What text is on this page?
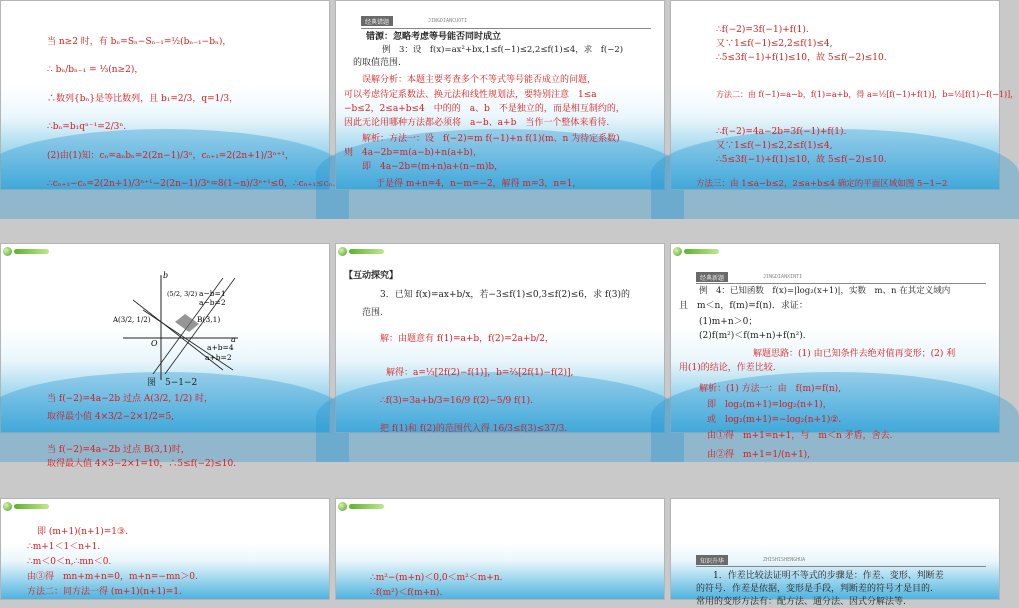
当 n≥2 时，有 bₙ=Sₙ−Sₙ₋₁=½(bₙ₋₁−bₙ)，
∴ bₙ/bₙ₋₁ = ⅓(n≥2)，
∴数列{bₙ}是等比数列，且 b₁=2/3，q=1/3，
∴bₙ=b₁qⁿ⁻¹=2/3ⁿ.
(2)由(1)知：cₙ=aₙbₙ=2(2n−1)/3ⁿ，cₙ₊₁=2(2n+1)/3ⁿ⁺¹，
∴cₙ₊₁−cₙ=2(2n+1)/3ⁿ⁺¹−2(2n−1)/3ⁿ=8(1−n)/3ⁿ⁺¹≤0，∴cₙ₊₁≤cₙ.
经典错题	JINGDIANCUOTI
错源：忽略考虑等号能否同时成立
例　3：设　f(x)=ax²+bx,1≤f(−1)≤2,2≤f(1)≤4，求　f(−2)
的取值范围.
误解分析：本题主要考查多个不等式等号能否成立的问题，
可以考虑待定系数法、换元法和线性规划法，要特别注意　1≤a
−b≤2，2≤a+b≤4　中的的　a、b　不是独立的，而是相互制约的，
因此无论用哪种方法都必须将　a−b、a+b　当作一个整体来看待.
解析：方法一：设　f(−2)=m f(−1)+n f(1)(m、n 为待定系数)
则　4a−2b=m(a−b)+n(a+b)，
即　4a−2b=(m+n)a+(n−m)b，
于是得 m+n=4，n−m=−2，解得 m=3，n=1，
∴f(−2)=3f(−1)+f(1).
又∵1≤f(−1)≤2,2≤f(1)≤4,
∴5≤3f(−1)+f(1)≤10，故 5≤f(−2)≤10.
方法二：由 f(−1)=a−b，f(1)=a+b，得 a=½[f(−1)+f(1)]，b=½[f(1)−f(−1)]，
∴f(−2)=4a−2b=3f(−1)+f(1).
又∵1≤f(−1)≤2,2≤f(1)≤4,
∴5≤3f(−1)+f(1)≤10，故 5≤f(−2)≤10.
方法三：由 1≤a−b≤2，2≤a+b≤4 确定的平面区域如图 5−1−2
b
a−b=1
a−b=2
a+b=4
a+b=2
A(3/2, 1/2)	B(3,1)
(5/2, 3/2)
a
O
图　5−1−2
当 f(−2)=4a−2b 过点 A(3/2, 1/2) 时，
取得最小值 4×3/2−2×1/2=5,
当 f(−2)=4a−2b 过点 B(3,1)时，
取得最大值 4×3−2×1=10，∴5≤f(−2)≤10.
【互动探究】
3．已知 f(x)=ax+b/x，若−3≤f(1)≤0,3≤f(2)≤6，求 f(3)的
范围.
解：由题意有 f(1)=a+b，f(2)=2a+b/2，
解得：a=⅓[2f(2)−f(1)]，b=⅔[2f(1)−f(2)],
∴f(3)=3a+b/3=16/9 f(2)−5/9 f(1).
把 f(1)和 f(2)的范围代入得 16/3≤f(3)≤37/3.
经典新题	JINGDIANXINTI
例　4：已知函数　f(x)=|log₂(x+1)|，实数　m、n 在其定义域内
且　m＜n，f(m)=f(n)．求证：
(1)m+n＞0；
(2)f(m²)＜f(m+n)+f(n²)．
解题思路：(1) 由已知条件去绝对值再变形；(2) 利
用(1)的结论，作差比较.
解析：(1) 方法一：由　f(m)=f(n),
即　log₂(m+1)=log₂(n+1)，
或　log₂(m+1)=−log₂(n+1)②.
由①得　m+1=n+1，与　m＜n 矛盾，舍去.
由②得　m+1=1/(n+1),
即 (m+1)(n+1)=1③.
∴m+1＜1＜n+1.
∴m＜0＜n,∴mn＜0.
由③得　mn+m+n=0，m+n=−mn＞0.
方法二：同方法一得 (m+1)(n+1)=1.
∴m²−(m+n)＜0,0＜m²＜m+n.
∴f(m²)＜f(m+n).
知识升华	ZHISHISHENGHUA
1．作差比较法证明不等式的步骤是：作差、变形、判断差
的符号．作差是依据，变形是手段，判断差的符号才是目的.
常用的变形方法有：配方法、通分法、因式分解法等.
